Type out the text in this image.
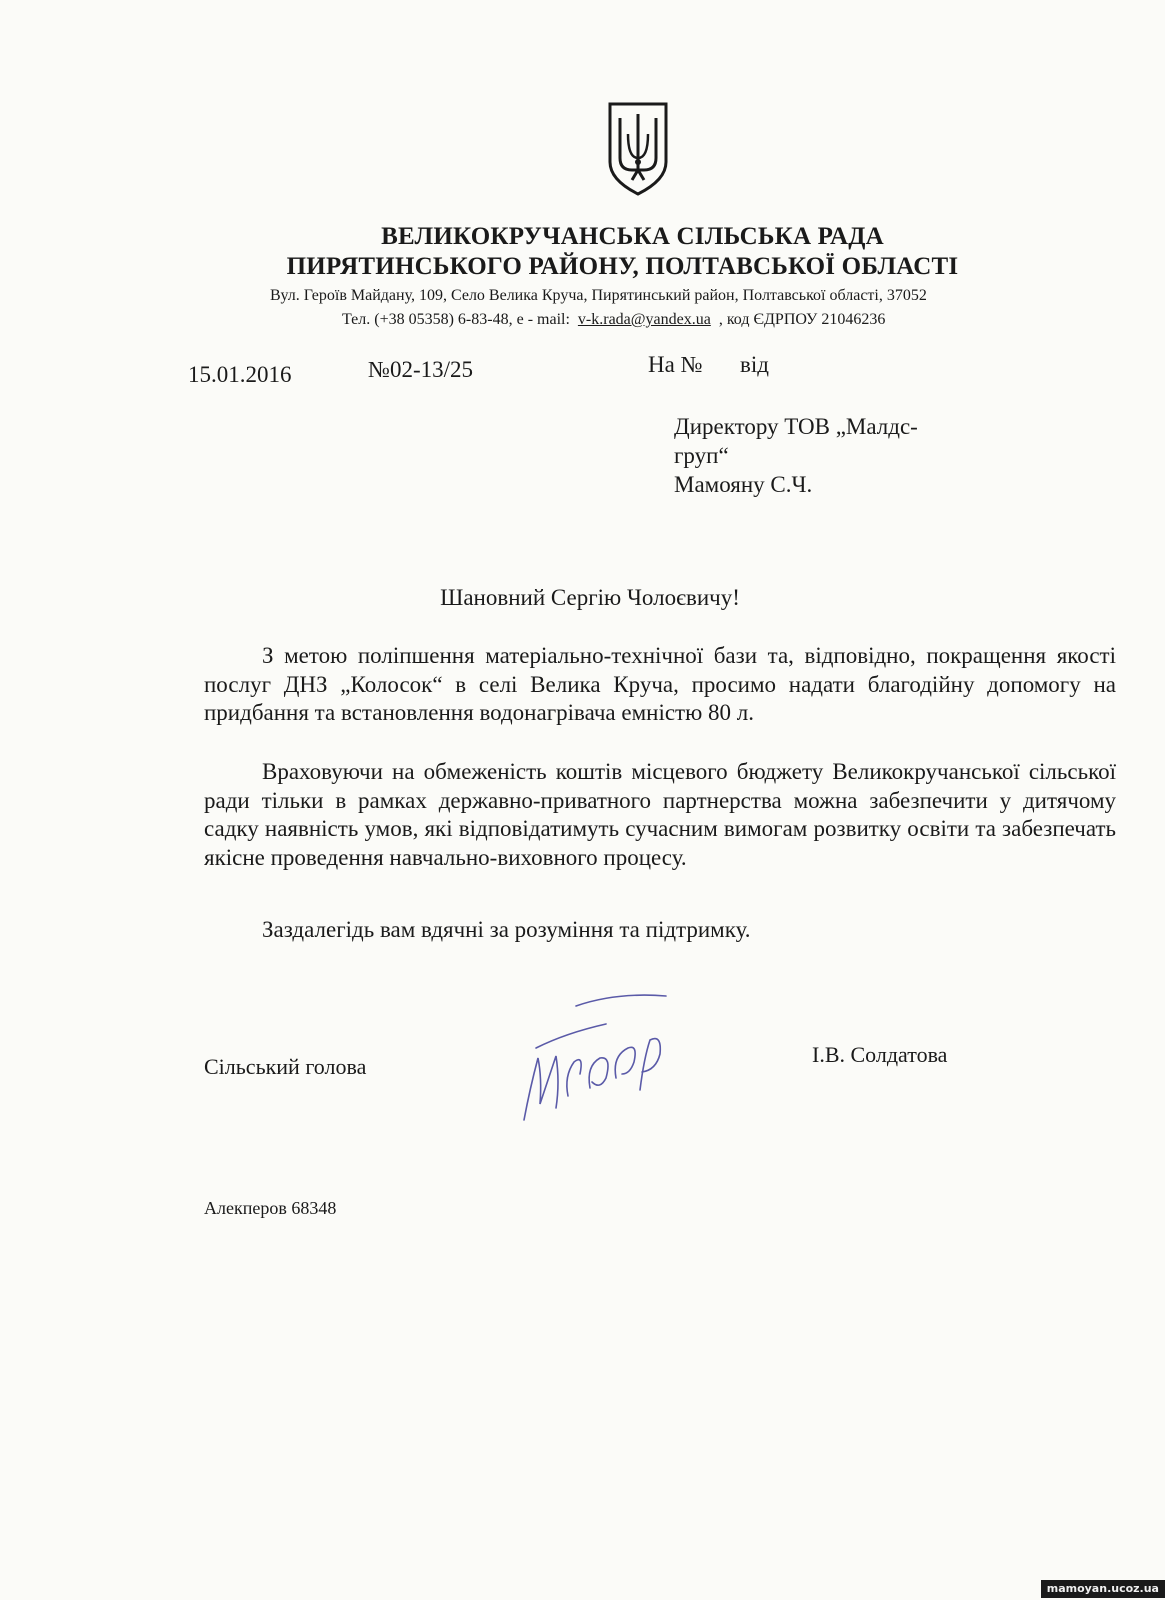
ВЕЛИКОКРУЧАНСЬКА СІЛЬСЬКА РАДА
ПИРЯТИНСЬКОГО РАЙОНУ, ПОЛТАВСЬКОЇ ОБЛАСТІ
Вул. Героїв Майдану, 109, Село Велика Круча, Пирятинський район, Полтавської області, 37052
Тел. (+38 05358) 6-83-48, е - mail: v-k.rada@yandex.ua , код ЄДРПОУ 21046236
15.01.2016	№02-13/25	На № від
Директору ТОВ „Малдс-
груп“
Мамояну С.Ч.
Шановний Сергію Чолоєвичу!
З метою поліпшення матеріально-технічної бази та, відповідно, покращення якості послуг ДНЗ „Колосок“ в селі Велика Круча, просимо надати благодійну допомогу на придбання та встановлення водонагрівача емністю 80 л.
Враховуючи на обмеженість коштів місцевого бюджету Великокручанської сільської ради тільки в рамках державно-приватного партнерства можна забезпечити у дитячому садку наявність умов, які відповідатимуть сучасним вимогам розвитку освіти та забезпечать якісне проведення навчально-виховного процесу.
Заздалегідь вам вдячні за розуміння та підтримку.
Сільський голова	І.В. Солдатова
Алекперов 68348
mamoyan.ucoz.ua
